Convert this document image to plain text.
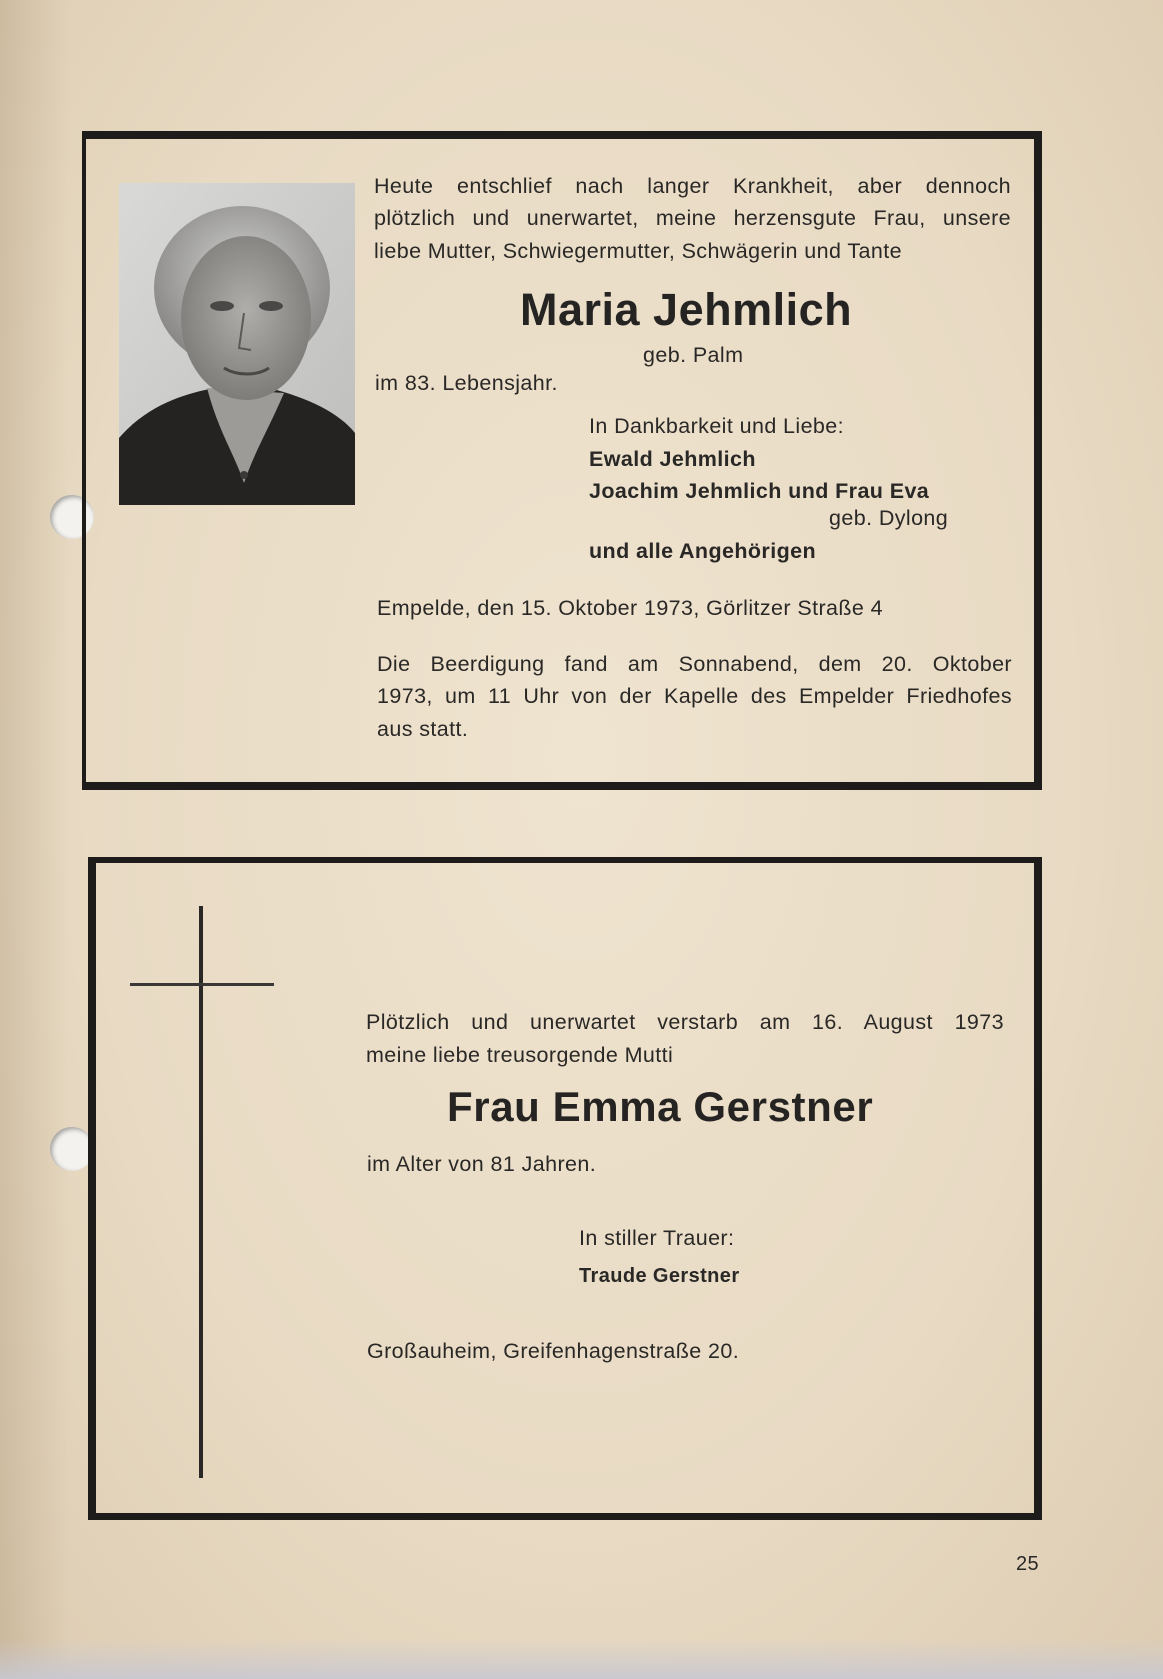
Heute entschlief nach langer Krankheit, aber dennoch
plötzlich und unerwartet, meine herzensgute Frau, unsere
liebe Mutter, Schwiegermutter, Schwägerin und Tante
Maria Jehmlich
geb. Palm
im 83. Lebensjahr.
In Dankbarkeit und Liebe:
Ewald Jehmlich
Joachim Jehmlich und Frau Eva
geb. Dylong
und alle Angehörigen
Empelde, den 15. Oktober 1973, Görlitzer Straße 4
Die Beerdigung fand am Sonnabend, dem 20. Oktober
1973, um 11 Uhr von der Kapelle des Empelder Friedhofes
aus statt.
Plötzlich und unerwartet verstarb am 16. August 1973
meine liebe treusorgende Mutti
Frau Emma Gerstner
im Alter von 81 Jahren.
In stiller Trauer:
Traude Gerstner
Großauheim, Greifenhagenstraße 20.
25
